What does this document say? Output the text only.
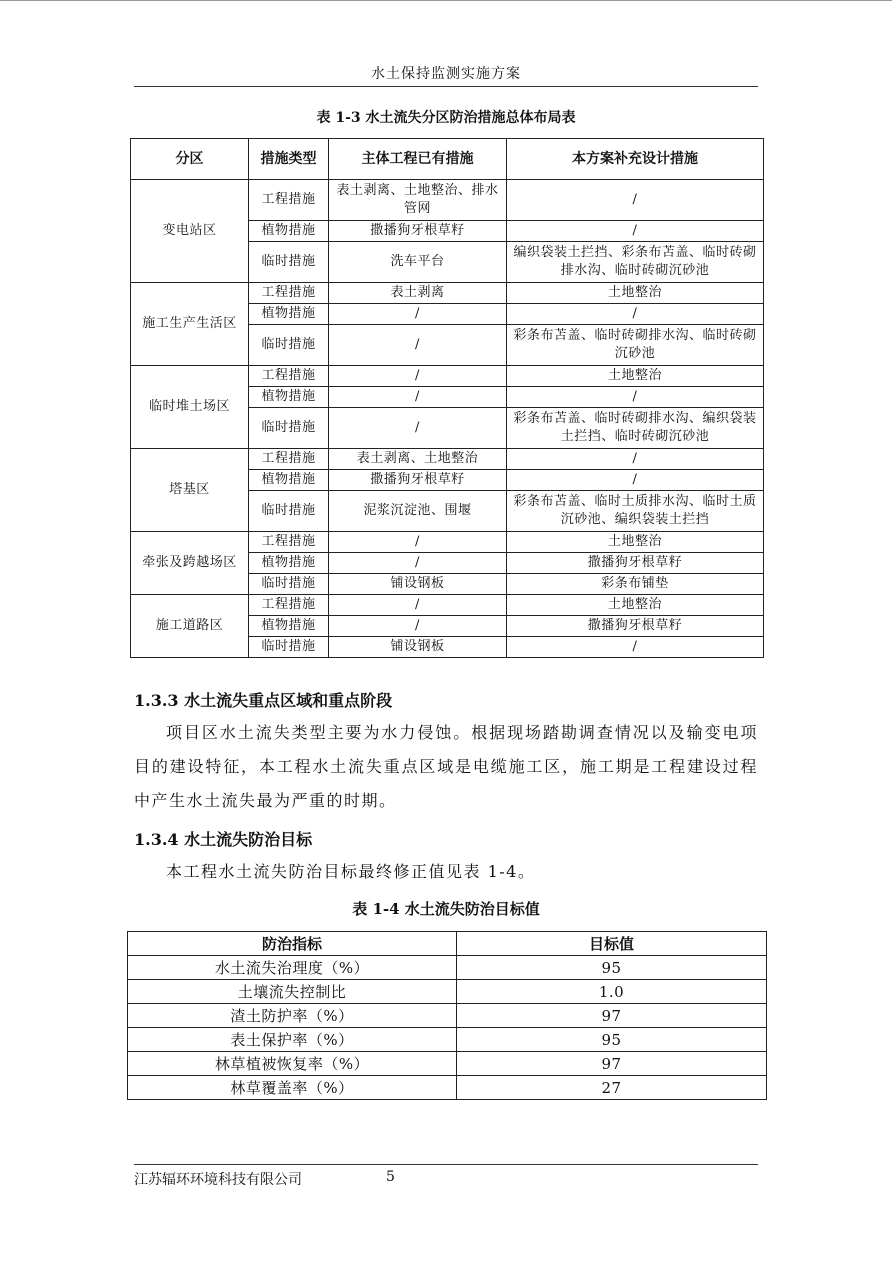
水土保持监测实施方案
表 1-3 水土流失分区防治措施总体布局表
分区	措施类型	主体工程已有措施	本方案补充设计措施
变电站区	工程措施	表土剥离、土地整治、排水管网	/
	植物措施	撒播狗牙根草籽	/
	临时措施	洗车平台	编织袋装土拦挡、彩条布苫盖、临时砖砌排水沟、临时砖砌沉砂池
施工生产生活区	工程措施	表土剥离	土地整治
	植物措施	/	/
	临时措施	/	彩条布苫盖、临时砖砌排水沟、临时砖砌沉砂池
临时堆土场区	工程措施	/	土地整治
	植物措施	/	/
	临时措施	/	彩条布苫盖、临时砖砌排水沟、编织袋装土拦挡、临时砖砌沉砂池
塔基区	工程措施	表土剥离、土地整治	/
	植物措施	撒播狗牙根草籽	/
	临时措施	泥浆沉淀池、围堰	彩条布苫盖、临时土质排水沟、临时土质沉砂池、编织袋装土拦挡
牵张及跨越场区	工程措施	/	土地整治
	植物措施	/	撒播狗牙根草籽
	临时措施	铺设钢板	彩条布铺垫
施工道路区	工程措施	/	土地整治
	植物措施	/	撒播狗牙根草籽
	临时措施	铺设钢板	/
1.3.3 水土流失重点区域和重点阶段
项目区水土流失类型主要为水力侵蚀。根据现场踏勘调查情况以及输变电项目的建设特征，本工程水土流失重点区域是电缆施工区，施工期是工程建设过程中产生水土流失最为严重的时期。
1.3.4 水土流失防治目标
本工程水土流失防治目标最终修正值见表 1-4。
表 1-4 水土流失防治目标值
防治指标	目标值
水土流失治理度（%）	95
土壤流失控制比	1.0
渣土防护率（%）	97
表土保护率（%）	95
林草植被恢复率（%）	97
林草覆盖率（%）	27
江苏辐环环境科技有限公司	5
